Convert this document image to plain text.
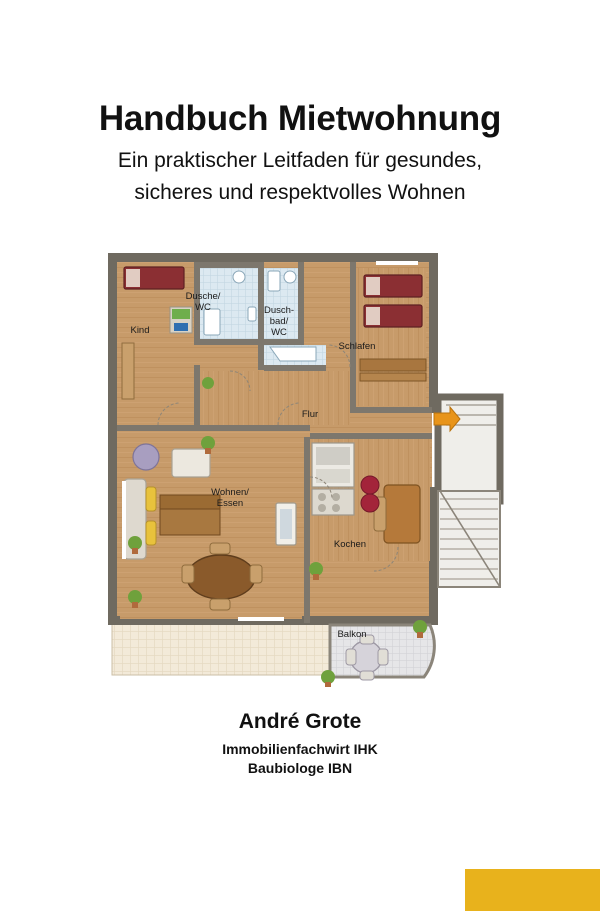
Handbuch Mietwohnung
Ein praktischer Leitfaden für gesundes,
sicheres und respektvolles Wohnen
Kind
Dusche/
WC	Dusch-
bad/
WC
Schlafen
Flur
Wohnen/
Essen
Kochen
Balkon
André Grote
Immobilienfachwirt IHK
Baubiologe IBN
